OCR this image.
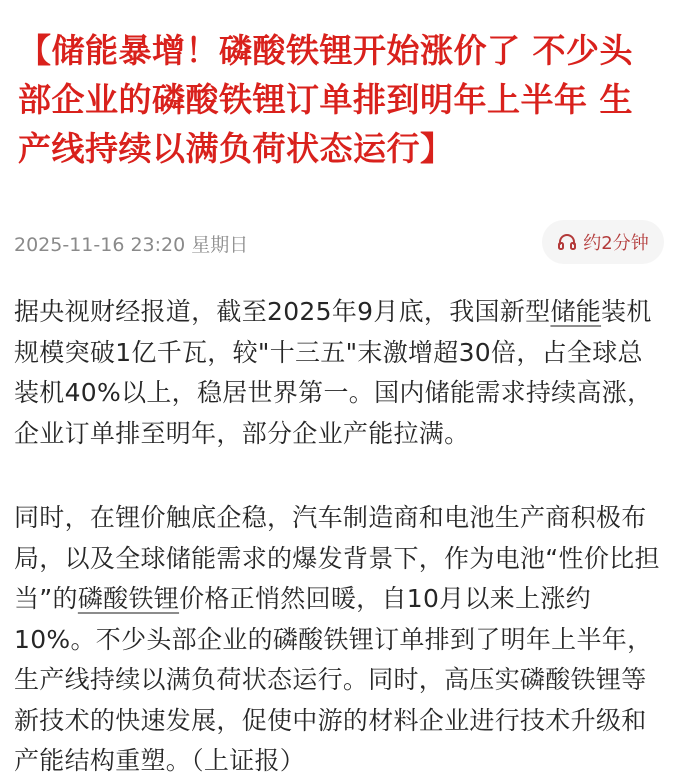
【储能暴增！磷酸铁锂开始涨价了 不少头部企业的磷酸铁锂订单排到明年上半年 生产线持续以满负荷状态运行】
2025-11-16 23:20 星期日	约2分钟

据央视财经报道，截至2025年9月底，我国新型储能装机规模突破1亿千瓦，较"十三五"末激增超30倍，占全球总装机40%以上，稳居世界第一。国内储能需求持续高涨，企业订单排至明年，部分企业产能拉满。

同时，在锂价触底企稳，汽车制造商和电池生产商积极布局，以及全球储能需求的爆发背景下，作为电池“性价比担当”的磷酸铁锂价格正悄然回暖，自10月以来上涨约10%。不少头部企业的磷酸铁锂订单排到了明年上半年，生产线持续以满负荷状态运行。同时，高压实磷酸铁锂等新技术的快速发展，促使中游的材料企业进行技术升级和产能结构重塑。（上证报）
